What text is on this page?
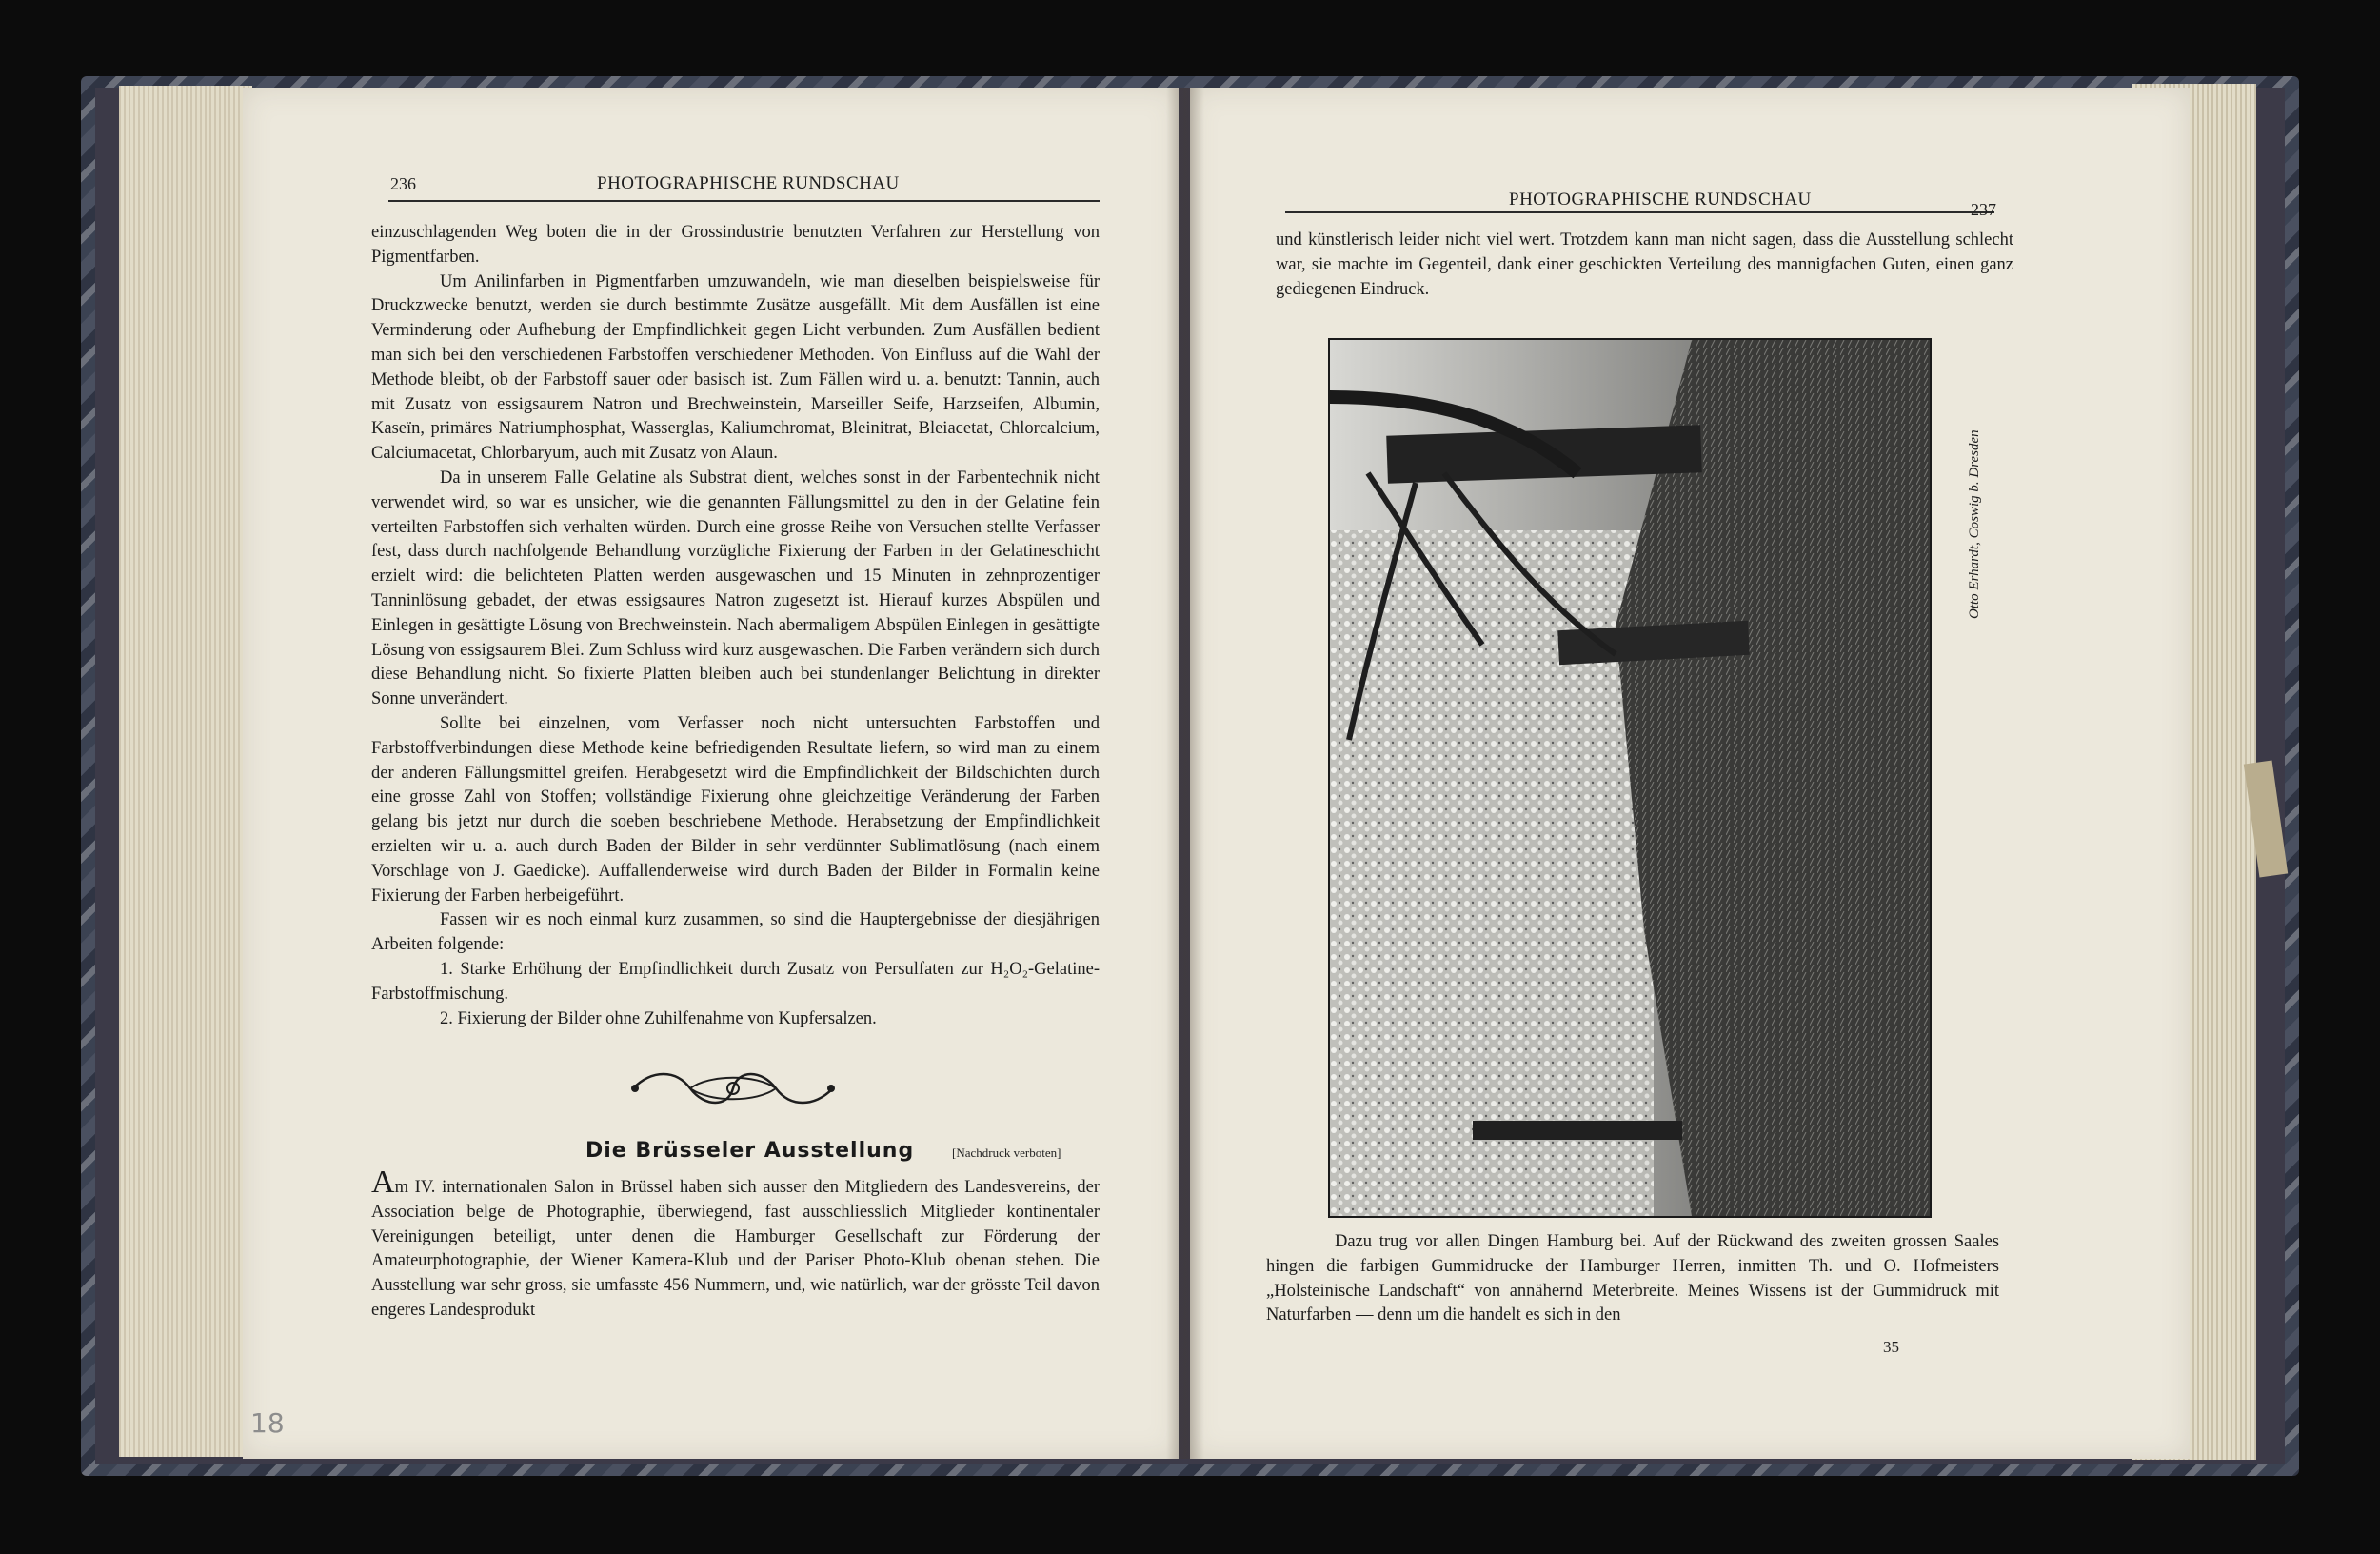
236	PHOTOGRAPHISCHE RUNDSCHAU

einzuschlagenden Weg boten die in der Grossindustrie benutzten Verfahren zur Herstellung von Pigmentfarben.

Um Anilinfarben in Pigmentfarben umzuwandeln, wie man dieselben beispielsweise für Druckzwecke benutzt, werden sie durch bestimmte Zusätze ausgefällt. Mit dem Ausfällen ist eine Verminderung oder Aufhebung der Empfindlichkeit gegen Licht verbunden. Zum Ausfällen bedient man sich bei den verschiedenen Farbstoffen verschiedener Methoden. Von Einfluss auf die Wahl der Methode bleibt, ob der Farbstoff sauer oder basisch ist. Zum Fällen wird u. a. benutzt: Tannin, auch mit Zusatz von essigsaurem Natron und Brechweinstein, Marseiller Seife, Harzseifen, Albumin, Kaseïn, primäres Natriumphosphat, Wasserglas, Kaliumchromat, Bleinitrat, Bleiacetat, Chlorcalcium, Calciumacetat, Chlorbaryum, auch mit Zusatz von Alaun.

Da in unserem Falle Gelatine als Substrat dient, welches sonst in der Farbentechnik nicht verwendet wird, so war es unsicher, wie die genannten Fällungsmittel zu den in der Gelatine fein verteilten Farbstoffen sich verhalten würden. Durch eine grosse Reihe von Versuchen stellte Verfasser fest, dass durch nachfolgende Behandlung vorzügliche Fixierung der Farben in der Gelatineschicht erzielt wird: die belichteten Platten werden ausgewaschen und 15 Minuten in zehnprozentiger Tanninlösung gebadet, der etwas essigsaures Natron zugesetzt ist. Hierauf kurzes Abspülen und Einlegen in gesättigte Lösung von Brechweinstein. Nach abermaligem Abspülen Einlegen in gesättigte Lösung von essigsaurem Blei. Zum Schluss wird kurz ausgewaschen. Die Farben verändern sich durch diese Behandlung nicht. So fixierte Platten bleiben auch bei stundenlanger Belichtung in direkter Sonne unverändert.

Sollte bei einzelnen, vom Verfasser noch nicht untersuchten Farbstoffen und Farbstoffverbindungen diese Methode keine befriedigenden Resultate liefern, so wird man zu einem der anderen Fällungsmittel greifen. Herabgesetzt wird die Empfindlichkeit der Bildschichten durch eine grosse Zahl von Stoffen; vollständige Fixierung ohne gleichzeitige Veränderung der Farben gelang bis jetzt nur durch die soeben beschriebene Methode. Herabsetzung der Empfindlichkeit erzielten wir u. a. auch durch Baden der Bilder in sehr verdünnter Sublimatlösung (nach einem Vorschlage von J. Gaedicke). Auffallenderweise wird durch Baden der Bilder in Formalin keine Fixierung der Farben herbeigeführt.

Fassen wir es noch einmal kurz zusammen, so sind die Hauptergebnisse der diesjährigen Arbeiten folgende:

1. Starke Erhöhung der Empfindlichkeit durch Zusatz von Persulfaten zur H₂O₂-Gelatine-Farbstoffmischung.

2. Fixierung der Bilder ohne Zuhilfenahme von Kupfersalzen.

Die Brüsseler Ausstellung	[Nachdruck verboten]

Am IV. internationalen Salon in Brüssel haben sich ausser den Mitgliedern des Landesvereins, der Association belge de Photographie, überwiegend, fast ausschliesslich Mitglieder kontinentaler Vereinigungen beteiligt, unter denen die Hamburger Gesellschaft zur Förderung der Amateurphotographie, der Wiener Kamera-Klub und der Pariser Photo-Klub obenan stehen. Die Ausstellung war sehr gross, sie umfasste 456 Nummern, und, wie natürlich, war der grösste Teil davon engeres Landesprodukt

18
PHOTOGRAPHISCHE RUNDSCHAU	237

und künstlerisch leider nicht viel wert. Trotzdem kann man nicht sagen, dass die Ausstellung schlecht war, sie machte im Gegenteil, dank einer geschickten Verteilung des mannigfachen Guten, einen ganz gediegenen Eindruck.

Otto Erhardt, Coswig b. Dresden

Dazu trug vor allen Dingen Hamburg bei. Auf der Rückwand des zweiten grossen Saales hingen die farbigen Gummidrucke der Hamburger Herren, inmitten Th. und O. Hofmeisters „Holsteinische Landschaft“ von annähernd Meterbreite. Meines Wissens ist der Gummidruck mit Naturfarben — denn um die handelt es sich in den

35
